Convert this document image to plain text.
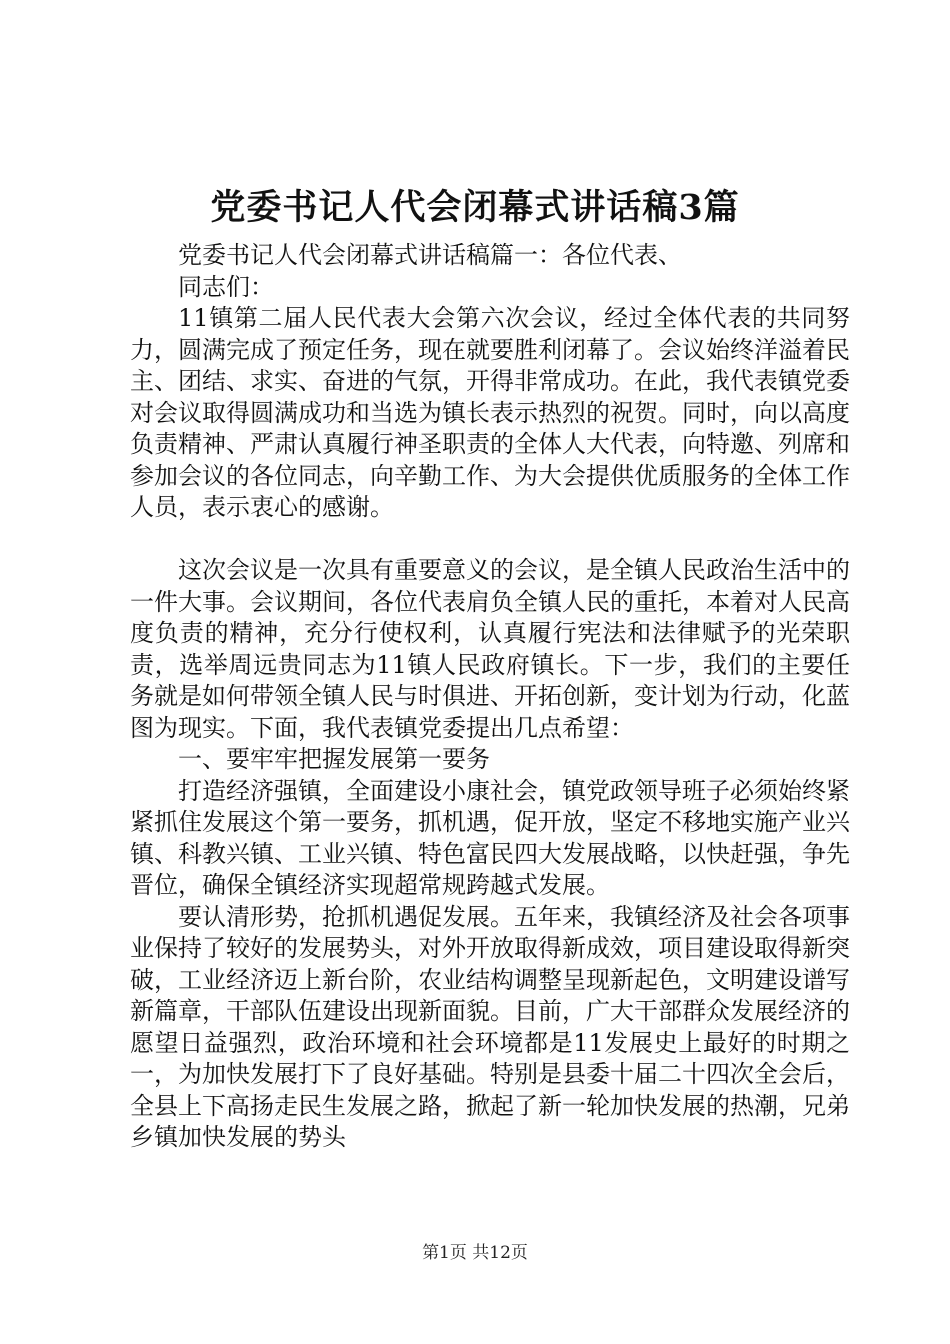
党委书记人代会闭幕式讲话稿3篇

党委书记人代会闭幕式讲话稿篇一：各位代表、

同志们：

11镇第二届人民代表大会第六次会议，经过全体代表的共同努力，圆满完成了预定任务，现在就要胜利闭幕了。会议始终洋溢着民主、团结、求实、奋进的气氛，开得非常成功。在此，我代表镇党委对会议取得圆满成功和当选为镇长表示热烈的祝贺。同时，向以高度负责精神、严肃认真履行神圣职责的全体人大代表，向特邀、列席和参加会议的各位同志，向辛勤工作、为大会提供优质服务的全体工作人员，表示衷心的感谢。

这次会议是一次具有重要意义的会议，是全镇人民政治生活中的一件大事。会议期间，各位代表肩负全镇人民的重托，本着对人民高度负责的精神，充分行使权利，认真履行宪法和法律赋予的光荣职责，选举周远贵同志为11镇人民政府镇长。下一步，我们的主要任务就是如何带领全镇人民与时俱进、开拓创新，变计划为行动，化蓝图为现实。下面，我代表镇党委提出几点希望：

一、要牢牢把握发展第一要务

打造经济强镇，全面建设小康社会，镇党政领导班子必须始终紧紧抓住发展这个第一要务，抓机遇，促开放，坚定不移地实施产业兴镇、科教兴镇、工业兴镇、特色富民四大发展战略，以快赶强，争先晋位，确保全镇经济实现超常规跨越式发展。

要认清形势，抢抓机遇促发展。五年来，我镇经济及社会各项事业保持了较好的发展势头，对外开放取得新成效，项目建设取得新突破，工业经济迈上新台阶，农业结构调整呈现新起色，文明建设谱写新篇章，干部队伍建设出现新面貌。目前，广大干部群众发展经济的愿望日益强烈，政治环境和社会环境都是11发展史上最好的时期之一，为加快发展打下了良好基础。特别是县委十届二十四次全会后，全县上下高扬走民生发展之路，掀起了新一轮加快发展的热潮，兄弟乡镇加快发展的势头

第1页 共12页
